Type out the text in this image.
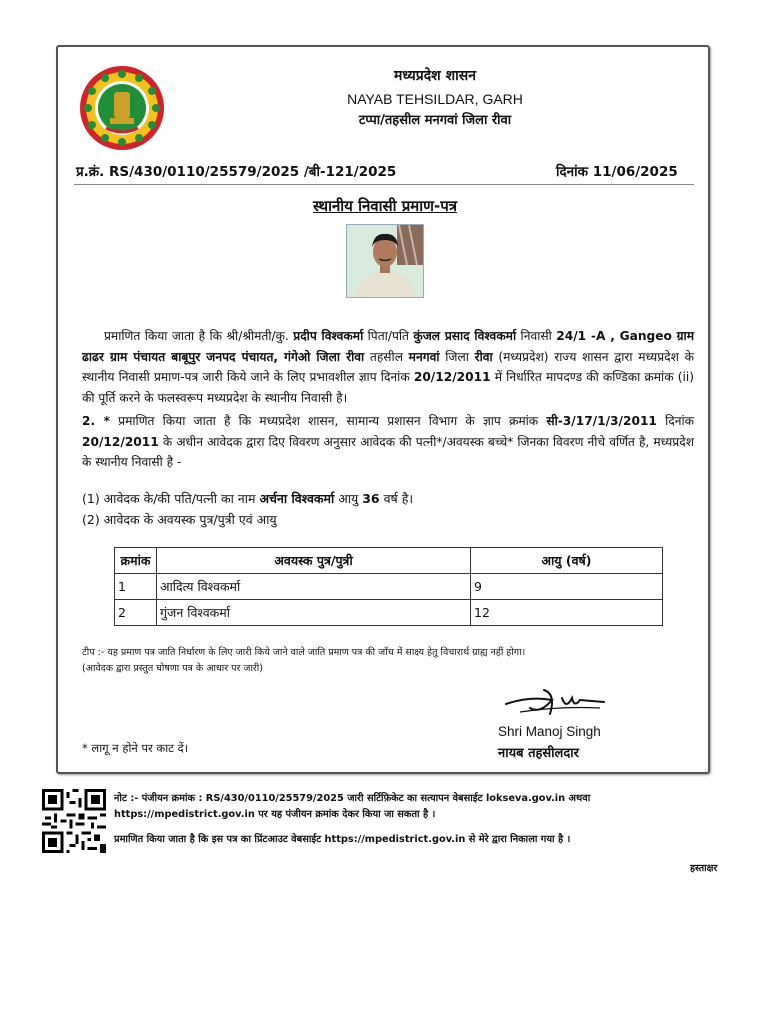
मध्यप्रदेश शासन
NAYAB TEHSILDAR, GARH
टप्पा/तहसील मनगवां जिला रीवा
प्र.क्रं. RS/430/0110/25579/2025 /बी-121/2025	दिनांक 11/06/2025
स्थानीय निवासी प्रमाण-पत्र
प्रमाणित किया जाता है कि श्री/श्रीमती/कु. प्रदीप विश्वकर्मा पिता/पति कुंजल प्रसाद विश्वकर्मा निवासी 24/1 -A , Gangeo ग्राम ढाढर ग्राम पंचायत बाबूपुर जनपद पंचायत, गंगेओ जिला रीवा तहसील मनगवां जिला रीवा (मध्यप्रदेश) राज्य शासन द्वारा मध्यप्रदेश के स्थानीय निवासी प्रमाण-पत्र जारी किये जाने के लिए प्रभावशील ज्ञाप दिनांक 20/12/2011 में निर्धारित मापदण्ड की कण्डिका क्रमांक (ii) की पूर्ति करने के फलस्वरूप मध्यप्रदेश के स्थानीय निवासी है।
2. * प्रमाणित किया जाता है कि मध्यप्रदेश शासन, सामान्य प्रशासन विभाग के ज्ञाप क्रमांक सी-3/17/1/3/2011 दिनांक 20/12/2011 के अधीन आवेदक द्वारा दिए विवरण अनुसार आवेदक की पत्नी*/अवयस्क बच्चे* जिनका विवरण नीचे वर्णित है, मध्यप्रदेश के स्थानीय निवासी है -
(1) आवेदक के/की पति/पत्नी का नाम अर्चना विश्वकर्मा आयु 36 वर्ष है।
(2) आवेदक के अवयस्क पुत्र/पुत्री एवं आयु
क्रमांक	अवयस्क पुत्र/पुत्री	आयु (वर्ष)
1	आदित्य विश्वकर्मा	9
2	गुंजन विश्वकर्मा	12
टीप :- यह प्रमाण पत्र जाति निर्धारण के लिए जारी किये जाने वाले जाति प्रमाण पत्र की जाँच में साक्ष्य हेतु विचारार्थ ग्राह्य नहीं होगा।
(आवेदक द्वारा प्रस्तुत घोषणा पत्र के आधार पर जारी)
Shri Manoj Singh
नायब तहसीलदार
* लागू न होने पर काट दें।
नोट :- पंजीयन क्रमांक : RS/430/0110/25579/2025 जारी सर्टिफ़िकेट का सत्यापन वेबसाईट lokseva.gov.in अथवा
https://mpedistrict.gov.in पर यह पंजीयन क्रमांक देकर किया जा सकता है ।
प्रमाणित किया जाता है कि इस पत्र का प्रिंटआउट वेबसाईट https://mpedistrict.gov.in से मेरे द्वारा निकाला गया है ।
हस्ताक्षर
